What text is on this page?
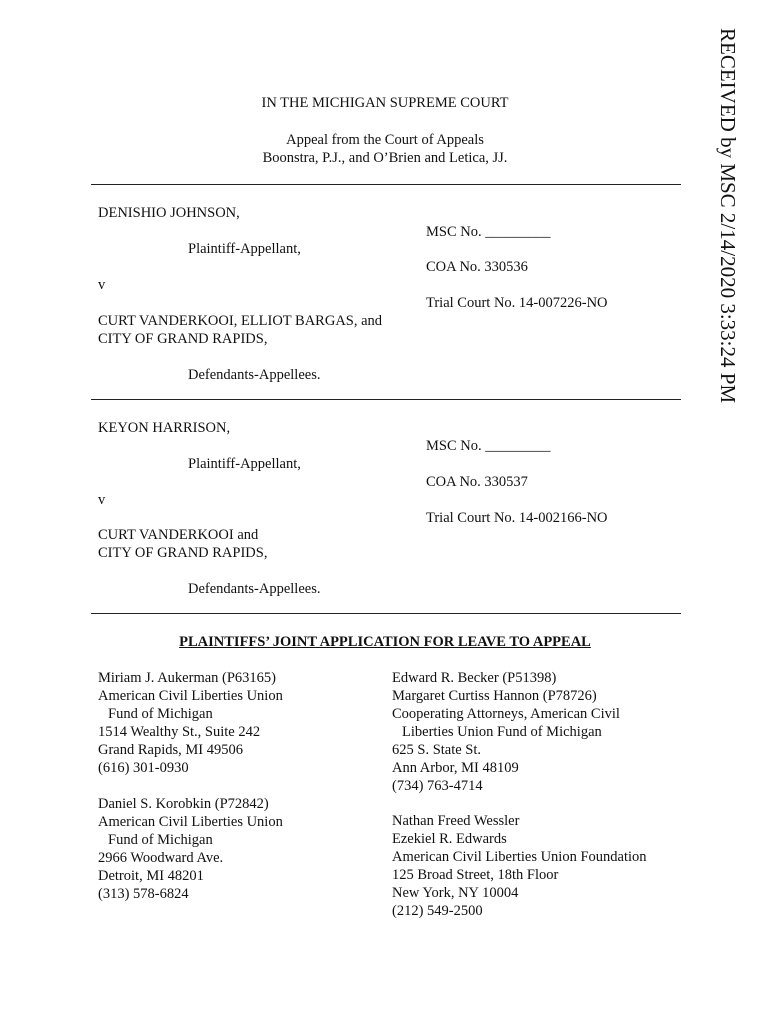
RECEIVED by MSC 2/14/2020 3:33:24 PM
IN THE MICHIGAN SUPREME COURT
Appeal from the Court of Appeals
Boonstra, P.J., and O’Brien and Letica, JJ.
DENISHIO JOHNSON,
Plaintiff-Appellant,
v
CURT VANDERKOOI, ELLIOT BARGAS, and
CITY OF GRAND RAPIDS,
Defendants-Appellees.
MSC No. _________
COA No. 330536
Trial Court No. 14-007226-NO
KEYON HARRISON,
Plaintiff-Appellant,
v
CURT VANDERKOOI and
CITY OF GRAND RAPIDS,
Defendants-Appellees.
MSC No. _________
COA No. 330537
Trial Court No. 14-002166-NO
PLAINTIFFS’ JOINT APPLICATION FOR LEAVE TO APPEAL
Miriam J. Aukerman (P63165)
American Civil Liberties Union
Fund of Michigan
1514 Wealthy St., Suite 242
Grand Rapids, MI 49506
(616) 301-0930
Daniel S. Korobkin (P72842)
American Civil Liberties Union
Fund of Michigan
2966 Woodward Ave.
Detroit, MI 48201
(313) 578-6824
Edward R. Becker (P51398)
Margaret Curtiss Hannon (P78726)
Cooperating Attorneys, American Civil
Liberties Union Fund of Michigan
625 S. State St.
Ann Arbor, MI 48109
(734) 763-4714
Nathan Freed Wessler
Ezekiel R. Edwards
American Civil Liberties Union Foundation
125 Broad Street, 18th Floor
New York, NY 10004
(212) 549-2500
